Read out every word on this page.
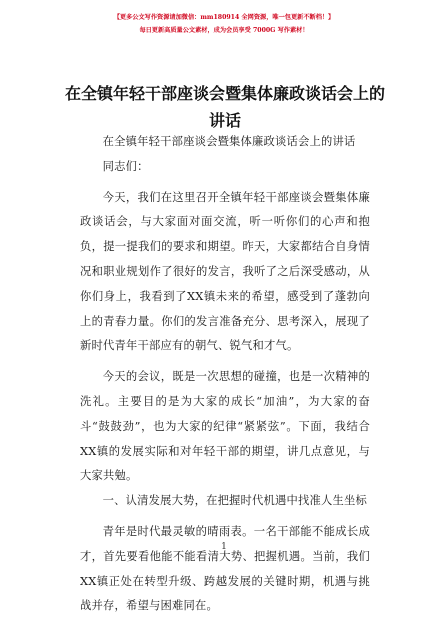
【更多公文写作资源请加微信：mm180914 全网资源，唯一包更新不断档！】
每日更新高质量公文素材，成为会员享受 7000G 写作素材！
在全镇年轻干部座谈会暨集体廉政谈话会上的
讲话

在全镇年轻干部座谈会暨集体廉政谈话会上的讲话

同志们：

今天，我们在这里召开全镇年轻干部座谈会暨集体廉政谈话会，与大家面对面交流，听一听你们的心声和抱负，提一提我们的要求和期望。昨天，大家都结合自身情况和职业规划作了很好的发言，我听了之后深受感动，从你们身上，我看到了XX镇未来的希望，感受到了蓬勃向上的青春力量。你们的发言准备充分、思考深入，展现了新时代青年干部应有的朝气、锐气和才气。

今天的会议，既是一次思想的碰撞，也是一次精神的洗礼。主要目的是为大家的成长“加油”，为大家的奋斗“鼓鼓劲”，也为大家的纪律“紧紧弦”。下面，我结合XX镇的发展实际和对年轻干部的期望，讲几点意见，与大家共勉。

一、认清发展大势，在把握时代机遇中找准人生坐标

青年是时代最灵敏的晴雨表。一名干部能不能成长成才，首先要看他能不能看清大势、把握机遇。当前，我们XX镇正处在转型升级、跨越发展的关键时期，机遇与挑战并存，希望与困难同在。

1
